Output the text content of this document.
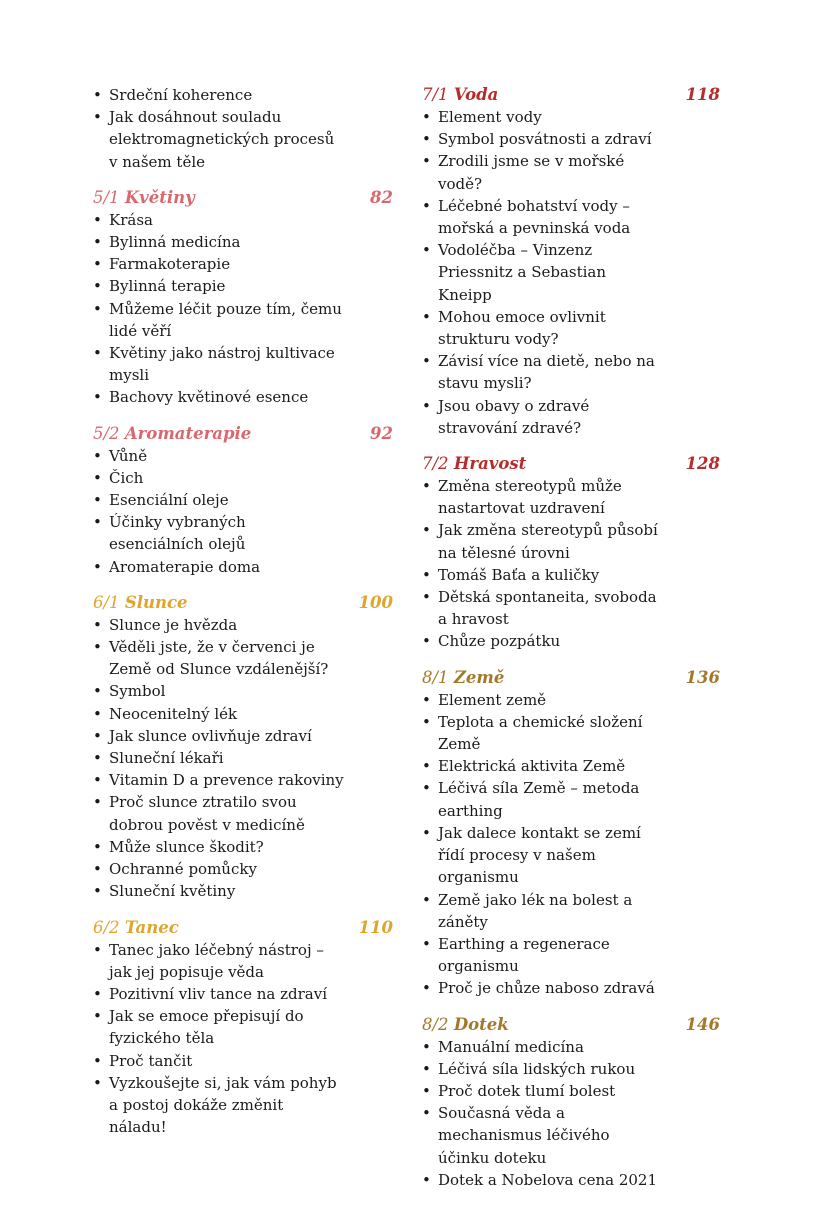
• Srdeční koherence
• Jak dosáhnout souladu elektromagnetických procesů v našem těle
5/1 Květiny	82
• Krása
• Bylinná medicína
• Farmakoterapie
• Bylinná terapie
• Můžeme léčit pouze tím, čemu lidé věří
• Květiny jako nástroj kultivace mysli
• Bachovy květinové esence
5/2 Aromaterapie	92
• Vůně
• Čich
• Esenciální oleje
• Účinky vybraných esenciálních olejů
• Aromaterapie doma
6/1 Slunce	100
• Slunce je hvězda
• Věděli jste, že v červenci je Země od Slunce vzdálenější?
• Symbol
• Neocenitelný lék
• Jak slunce ovlivňuje zdraví
• Sluneční lékaři
• Vitamin D a prevence rakoviny
• Proč slunce ztratilo svou dobrou pověst v medicíně
• Může slunce škodit?
• Ochranné pomůcky
• Sluneční květiny
6/2 Tanec	110
• Tanec jako léčebný nástroj – jak jej popisuje věda
• Pozitivní vliv tance na zdraví
• Jak se emoce přepisují do fyzického těla
• Proč tančit
• Vyzkoušejte si, jak vám pohyb a postoj dokáže změnit náladu!
7/1 Voda	118
• Element vody
• Symbol posvátnosti a zdraví
• Zrodili jsme se v mořské vodě?
• Léčebné bohatství vody – mořská a pevninská voda
• Vodoléčba – Vinzenz Priessnitz a Sebastian Kneipp
• Mohou emoce ovlivnit strukturu vody?
• Závisí více na dietě, nebo na stavu mysli?
• Jsou obavy o zdravé stravování zdravé?
7/2 Hravost	128
• Změna stereotypů může nastartovat uzdravení
• Jak změna stereotypů působí na tělesné úrovni
• Tomáš Baťa a kuličky
• Dětská spontaneita, svoboda a hravost
• Chůze pozpátku
8/1 Země	136
• Element země
• Teplota a chemické složení Země
• Elektrická aktivita Země
• Léčivá síla Země – metoda earthing
• Jak dalece kontakt se zemí řídí procesy v našem organismu
• Země jako lék na bolest a záněty
• Earthing a regenerace organismu
• Proč je chůze naboso zdravá
8/2 Dotek	146
• Manuální medicína
• Léčivá síla lidských rukou
• Proč dotek tlumí bolest
• Současná věda a mechanismus léčivého účinku doteku
• Dotek a Nobelova cena 2021
